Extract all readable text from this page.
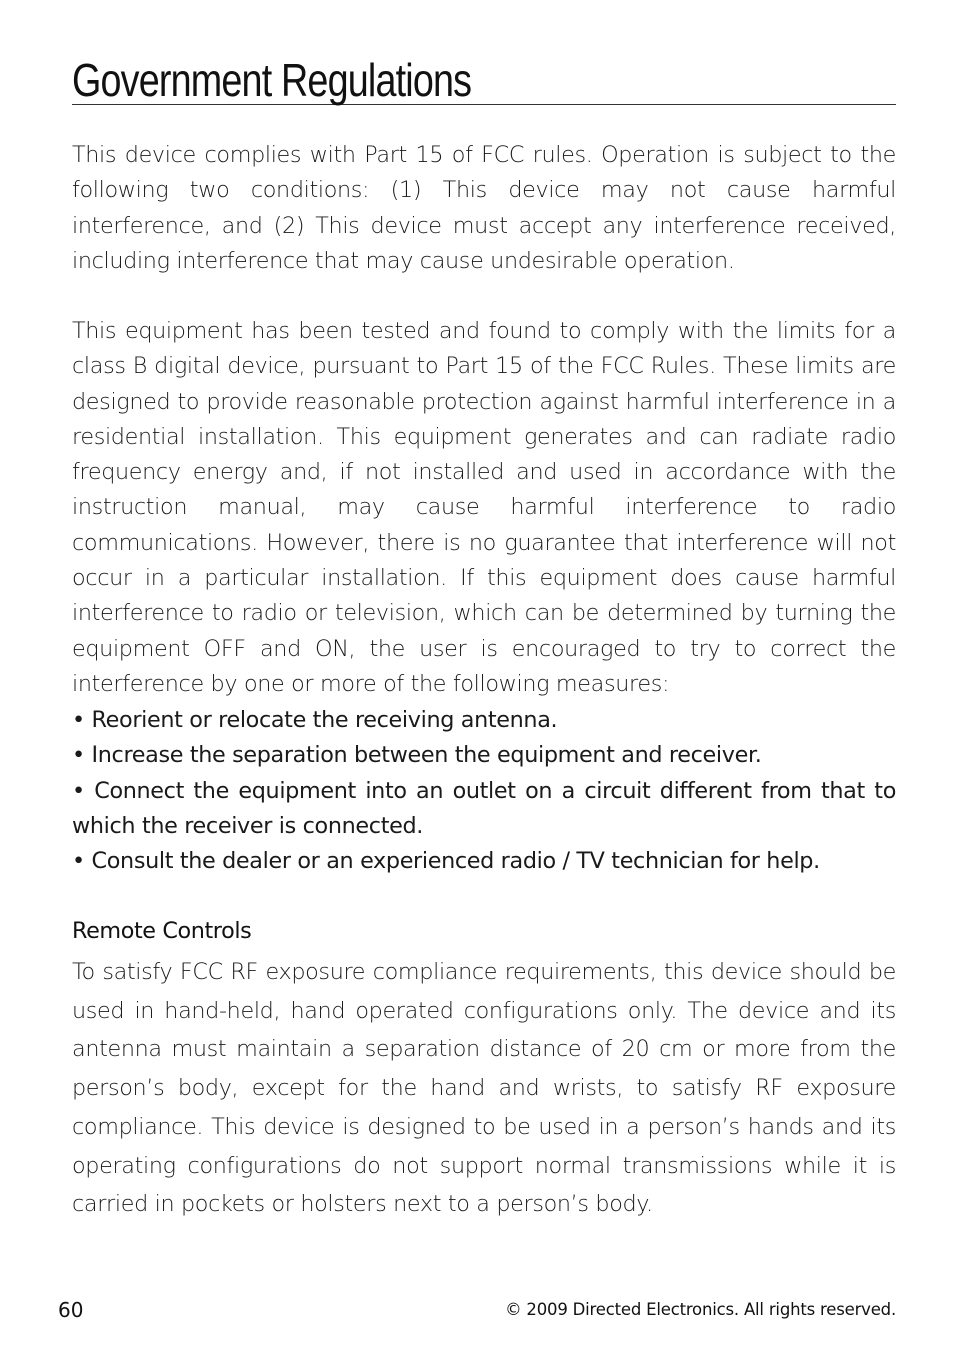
Government Regulations

This device complies with Part 15 of FCC rules. Operation is subject to the following two conditions: (1) This device may not cause harmful interference, and (2) This device must accept any interference received, including interference that may cause undesirable operation.

This equipment has been tested and found to comply with the limits for a class B digital device, pursuant to Part 15 of the FCC Rules. These limits are designed to provide reasonable protection against harmful interference in a residential installation. This equipment generates and can radiate radio frequency energy and, if not installed and used in accordance with the instruction manual, may cause harmful interference to radio communications. However, there is no guarantee that interference will not occur in a particular installation. If this equipment does cause harmful interference to radio or television, which can be determined by turning the equipment OFF and ON, the user is encouraged to try to correct the interference by one or more of the following measures:

• Reorient or relocate the receiving antenna.
• Increase the separation between the equipment and receiver.
• Connect the equipment into an outlet on a circuit different from that to which the receiver is connected.
• Consult the dealer or an experienced radio / TV technician for help.
Remote Controls

To satisfy FCC RF exposure compliance requirements, this device should be used in hand-held, hand operated configurations only. The device and its antenna must maintain a separation distance of 20 cm or more from the person’s body, except for the hand and wrists, to satisfy RF exposure compliance. This device is designed to be used in a person’s hands and its operating configurations do not support normal transmissions while it is carried in pockets or holsters next to a person’s body.

60	© 2009 Directed Electronics. All rights reserved.
